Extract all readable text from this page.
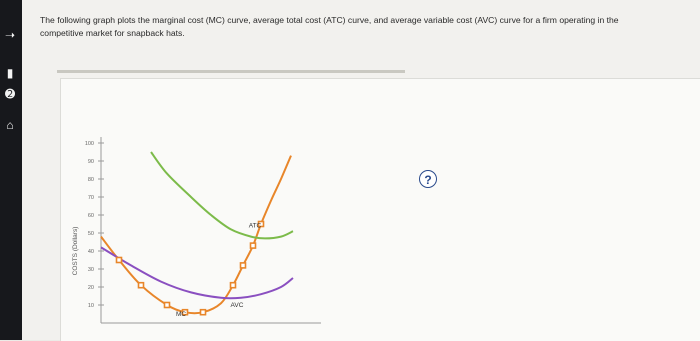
➝
▮
➋
⌂
The following graph plots the marginal cost (MC) curve, average total cost (ATC) curve, and average variable cost (AVC) curve for a firm operating in the competitive market for snapback hats.
?
10
20
30
40
50
60
70
80
90
100
COSTS (Dollars)
MC
ATC
AVC
